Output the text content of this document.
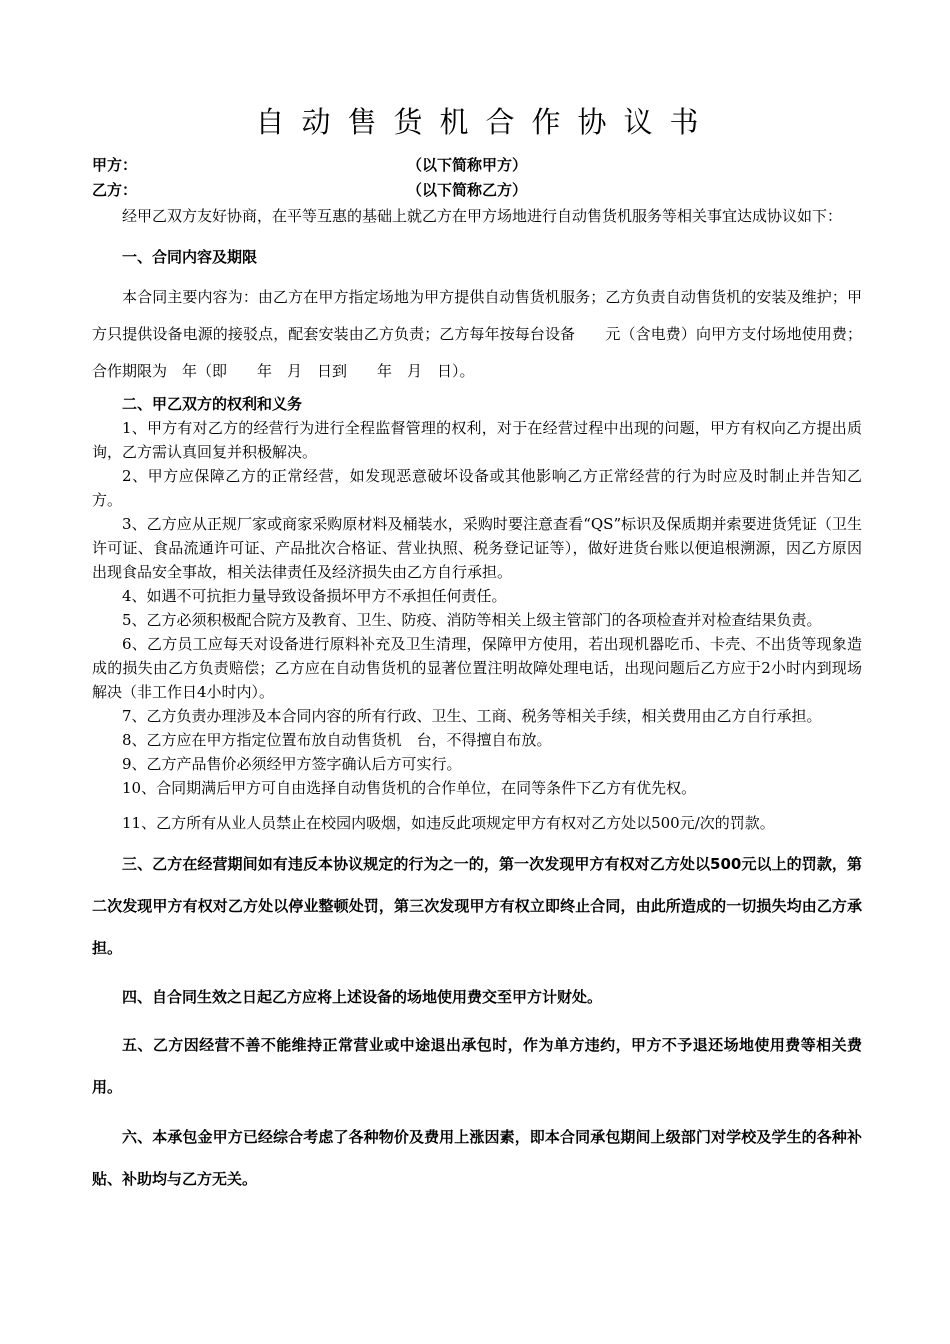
自动售货机合作协议书
甲方：	（以下简称甲方）
乙方：	（以下简称乙方）

经甲乙双方友好协商，在平等互惠的基础上就乙方在甲方场地进行自动售货机服务等相关事宜达成协议如下：

一、合同内容及期限

本合同主要内容为：由乙方在甲方指定场地为甲方提供自动售货机服务；乙方负责自动售货机的安装及维护；甲方只提供设备电源的接驳点，配套安装由乙方负责；乙方每年按每台设备　　元（含电费）向甲方支付场地使用费；合作期限为　年（即　　年　月　日到　　年　月　日）。

二、甲乙双方的权利和义务

1、甲方有对乙方的经营行为进行全程监督管理的权利，对于在经营过程中出现的问题，甲方有权向乙方提出质询，乙方需认真回复并积极解决。

2、甲方应保障乙方的正常经营，如发现恶意破坏设备或其他影响乙方正常经营的行为时应及时制止并告知乙方。

3、乙方应从正规厂家或商家采购原材料及桶装水，采购时要注意查看“QS”标识及保质期并索要进货凭证（卫生许可证、食品流通许可证、产品批次合格证、营业执照、税务登记证等），做好进货台账以便追根溯源，因乙方原因出现食品安全事故，相关法律责任及经济损失由乙方自行承担。

4、如遇不可抗拒力量导致设备损坏甲方不承担任何责任。

5、乙方必须积极配合院方及教育、卫生、防疫、消防等相关上级主管部门的各项检查并对检查结果负责。

6、乙方员工应每天对设备进行原料补充及卫生清理，保障甲方使用，若出现机器吃币、卡壳、不出货等现象造成的损失由乙方负责赔偿；乙方应在自动售货机的显著位置注明故障处理电话，出现问题后乙方应于2小时内到现场解决（非工作日4小时内）。

7、乙方负责办理涉及本合同内容的所有行政、卫生、工商、税务等相关手续，相关费用由乙方自行承担。

8、乙方应在甲方指定位置布放自动售货机　台，不得擅自布放。

9、乙方产品售价必须经甲方签字确认后方可实行。

10、合同期满后甲方可自由选择自动售货机的合作单位，在同等条件下乙方有优先权。

11、乙方所有从业人员禁止在校园内吸烟，如违反此项规定甲方有权对乙方处以500元/次的罚款。

三、乙方在经营期间如有违反本协议规定的行为之一的，第一次发现甲方有权对乙方处以500元以上的罚款，第二次发现甲方有权对乙方处以停业整顿处罚，第三次发现甲方有权立即终止合同，由此所造成的一切损失均由乙方承担。

四、自合同生效之日起乙方应将上述设备的场地使用费交至甲方计财处。

五、乙方因经营不善不能维持正常营业或中途退出承包时，作为单方违约，甲方不予退还场地使用费等相关费用。

六、本承包金甲方已经综合考虑了各种物价及费用上涨因素，即本合同承包期间上级部门对学校及学生的各种补贴、补助均与乙方无关。
